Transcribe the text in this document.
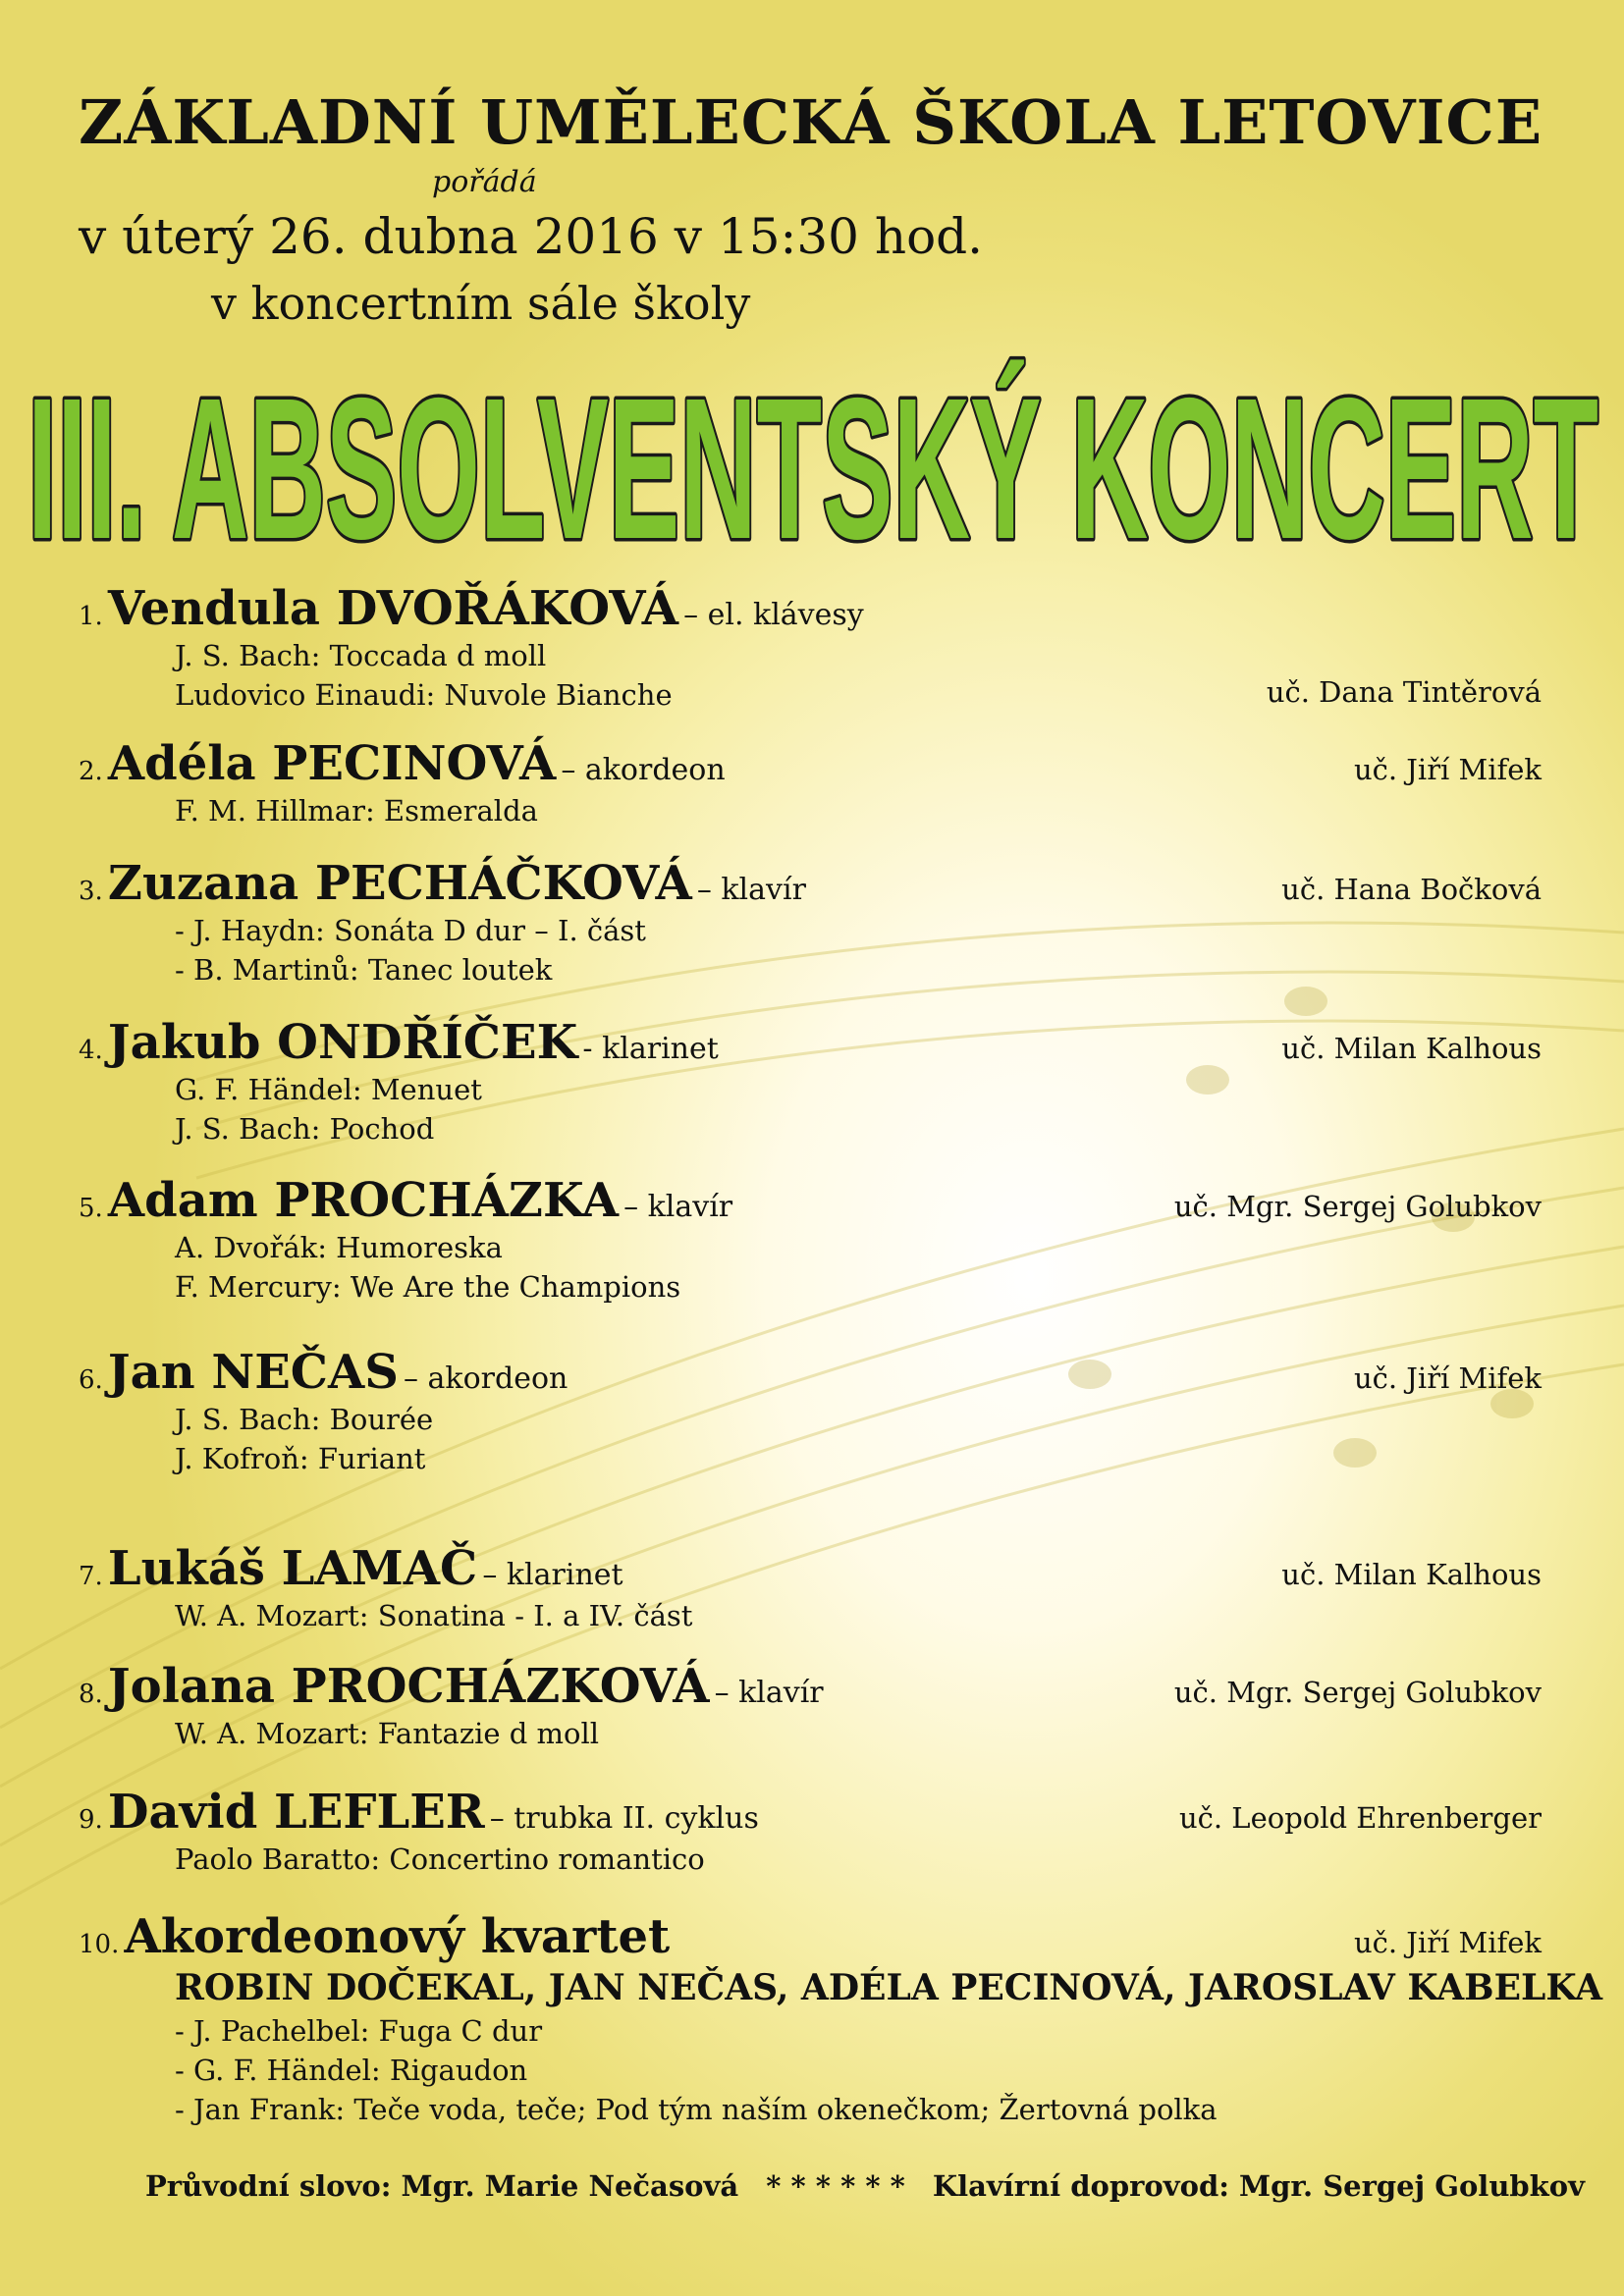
ZÁKLADNÍ UMĚLECKÁ ŠKOLA LETOVICE
pořádá
v úterý 26. dubna 2016 v 15:30 hod.
v koncertním sále školy
III. ABSOLVENTSKÝ KONCERT
1. Vendula DVOŘÁKOVÁ – el. klávesy
J. S. Bach: Toccada d moll
Ludovico Einaudi: Nuvole Bianche	uč. Dana Tintěrová
2. Adéla PECINOVÁ – akordeon	uč. Jiří Mifek
F. M. Hillmar: Esmeralda
3. Zuzana PECHÁČKOVÁ – klavír	uč. Hana Bočková
- J. Haydn: Sonáta D dur – I. část
- B. Martinů: Tanec loutek
4. Jakub ONDŘÍČEK - klarinet	uč. Milan Kalhous
G. F. Händel: Menuet
J. S. Bach: Pochod
5. Adam PROCHÁZKA – klavír	uč. Mgr. Sergej Golubkov
A. Dvořák: Humoreska
F. Mercury: We Are the Champions
6. Jan NEČAS – akordeon	uč. Jiří Mifek
J. S. Bach: Bourée
J. Kofroň: Furiant
7. Lukáš LAMAČ – klarinet	uč. Milan Kalhous
W. A. Mozart: Sonatina - I. a IV. část
8. Jolana PROCHÁZKOVÁ – klavír	uč. Mgr. Sergej Golubkov
W. A. Mozart: Fantazie d moll
9. David LEFLER – trubka II. cyklus	uč. Leopold Ehrenberger
Paolo Baratto: Concertino romantico
10. Akordeonový kvartet	uč. Jiří Mifek
ROBIN DOČEKAL, JAN NEČAS, ADÉLA PECINOVÁ, JAROSLAV KABELKA
- J. Pachelbel: Fuga C dur
- G. F. Händel: Rigaudon
- Jan Frank: Teče voda, teče; Pod tým naším okenečkom; Žertovná polka
Průvodní slovo: Mgr. Marie Nečasová * * * * * * Klavírní doprovod: Mgr. Sergej Golubkov
